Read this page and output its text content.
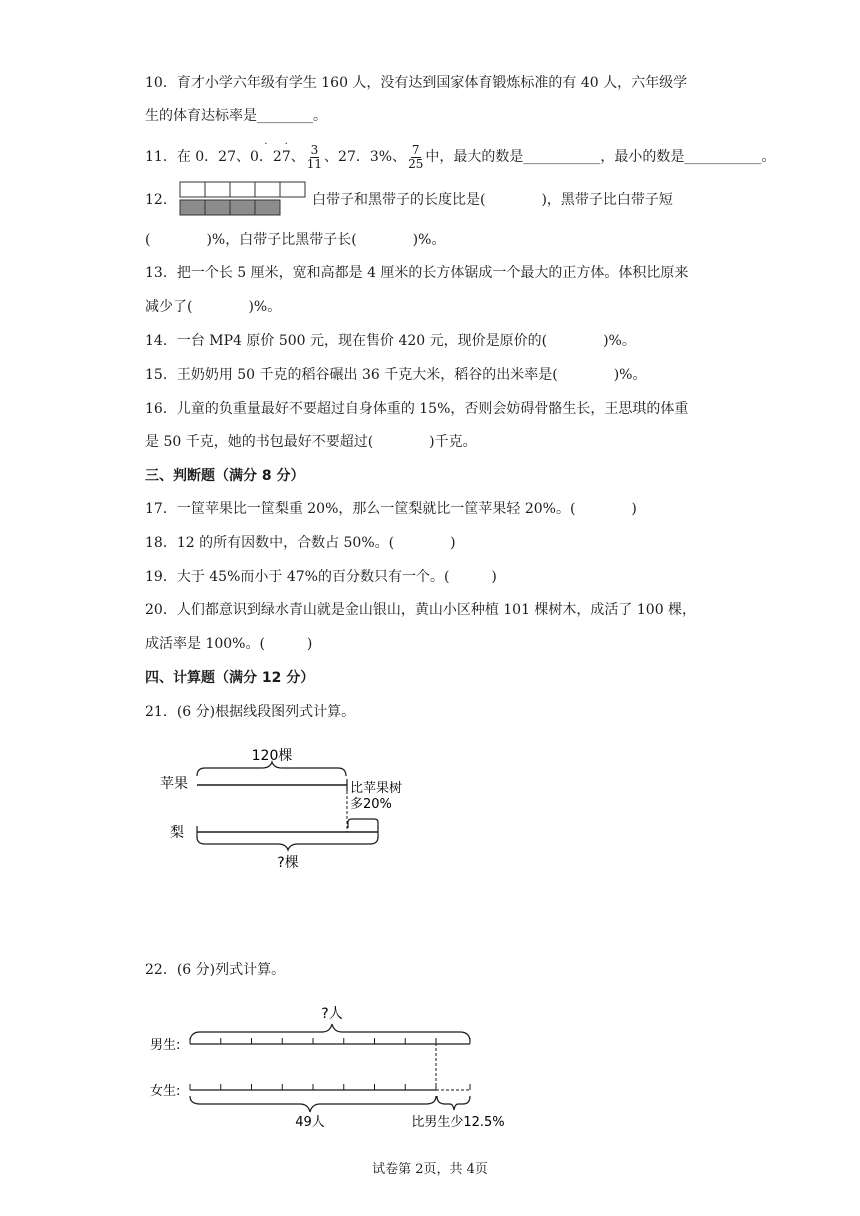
10．育才小学六年级有学生 160 人，没有达到国家体育锻炼标准的有 40 人，六年级学
生的体育达标率是________。
11．在 0．27、 0．2 ˙7 ˙ 、 $\frac{3}{11}$ 、27．3%、 $\frac{7}{25}$ 中，最大的数是___________，最小的数是___________。
12．	白带子和黑带子的长度比是(　　　　)，黑带子比白带子短
(　　　　)%，白带子比黑带子长(　　　　)%。
13．把一个长 5 厘米，宽和高都是 4 厘米的长方体锯成一个最大的正方体。体积比原来
减少了(　　　　)%。
14．一台 MP4 原价 500 元，现在售价 420 元，现价是原价的(　　　　)%。
15．王奶奶用 50 千克的稻谷碾出 36 千克大米，稻谷的出米率是(　　　　)%。
16．儿童的负重量最好不要超过自身体重的 15%，否则会妨碍骨骼生长，王思琪的体重
是 50 千克，她的书包最好不要超过(　　　　)千克。
三、判断题（满分 8 分）
17．一筐苹果比一筐梨重 20%，那么一筐梨就比一筐苹果轻 20%。(　　　　)
18．12 的所有因数中，合数占 50%。(　　　　)
19．大于 45%而小于 47%的百分数只有一个。(　　　)
20．人们都意识到绿水青山就是金山银山，黄山小区种植 101 棵树木，成活了 100 棵，
成活率是 100%。(　　　)
四、计算题（满分 12 分）
21．(6 分)根据线段图列式计算。
120棵
苹果	比苹果树
多20%
梨
?棵
22．(6 分)列式计算。
?人
男生:
女生:
49人	比男生少12.5%
试卷第 2页，共 4页
